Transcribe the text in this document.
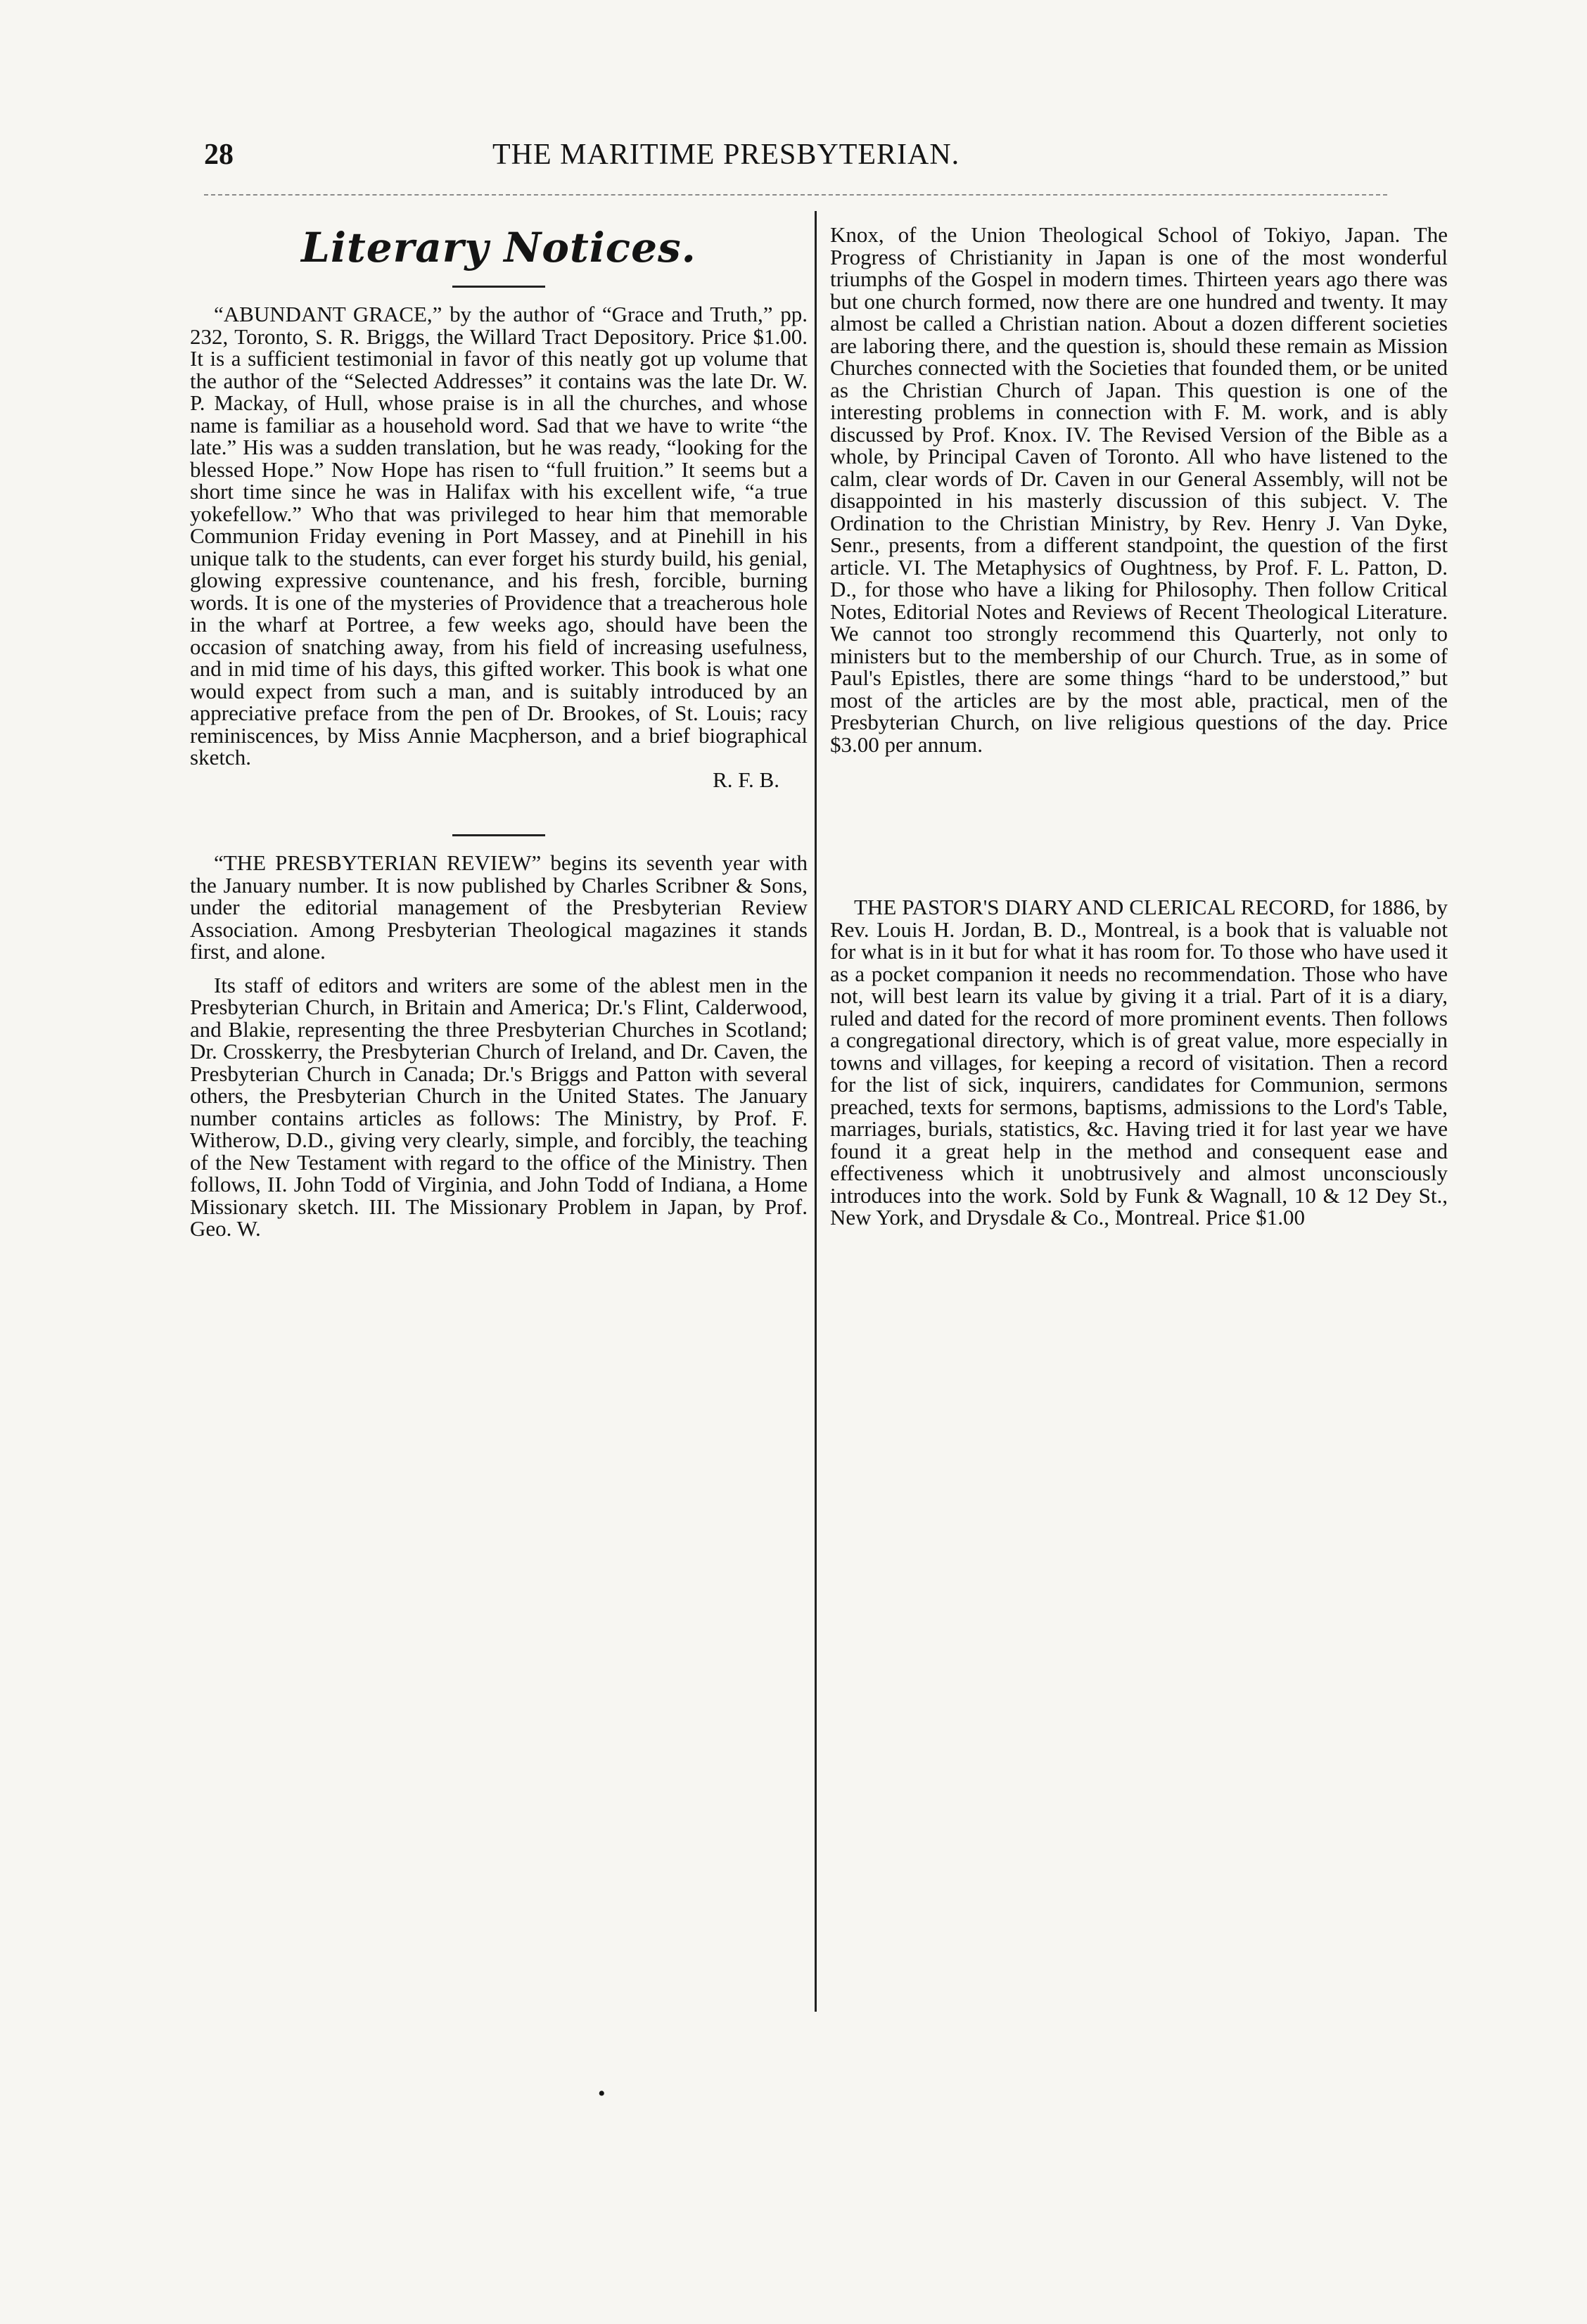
28	THE MARITIME PRESBYTERIAN.
Literary Notices.

“ABUNDANT GRACE,” by the author of “Grace and Truth,” pp. 232, Toronto, S. R. Briggs, the Willard Tract Depository. Price $1.00. It is a sufficient testimonial in favor of this neatly got up volume that the author of the “Selected Addresses” it contains was the late Dr. W. P. Mackay, of Hull, whose praise is in all the churches, and whose name is familiar as a household word. Sad that we have to write “the late.” His was a sudden translation, but he was ready, “looking for the blessed Hope.” Now Hope has risen to “full fruition.” It seems but a short time since he was in Halifax with his excellent wife, “a true yokefellow.” Who that was privileged to hear him that memorable Communion Friday evening in Port Massey, and at Pinehill in his unique talk to the students, can ever forget his sturdy build, his genial, glowing expressive countenance, and his fresh, forcible, burning words. It is one of the mysteries of Providence that a treacherous hole in the wharf at Portree, a few weeks ago, should have been the occasion of snatching away, from his field of increasing usefulness, and in mid time of his days, this gifted worker. This book is what one would expect from such a man, and is suitably introduced by an appreciative preface from the pen of Dr. Brookes, of St. Louis; racy reminiscences, by Miss Annie Macpherson, and a brief biographical sketch.

R. F. B.

“THE PRESBYTERIAN REVIEW” begins its seventh year with the January number. It is now published by Charles Scribner & Sons, under the editorial management of the Presbyterian Review Association. Among Presbyterian Theological magazines it stands first, and alone.

Its staff of editors and writers are some of the ablest men in the Presbyterian Church, in Britain and America; Dr.'s Flint, Calderwood, and Blakie, representing the three Presbyterian Churches in Scotland; Dr. Crosskerry, the Presbyterian Church of Ireland, and Dr. Caven, the Presbyterian Church in Canada; Dr.'s Briggs and Patton with several others, the Presbyterian Church in the United States. The January number contains articles as follows: The Ministry, by Prof. F. Witherow, D.D., giving very clearly, simple, and forcibly, the teaching of the New Testament with regard to the office of the Ministry. Then follows, II. John Todd of Virginia, and John Todd of Indiana, a Home Missionary sketch. III. The Missionary Problem in Japan, by Prof. Geo. W.

Knox, of the Union Theological School of Tokiyo, Japan. The Progress of Christianity in Japan is one of the most wonderful triumphs of the Gospel in modern times. Thirteen years ago there was but one church formed, now there are one hundred and twenty. It may almost be called a Christian nation. About a dozen different societies are laboring there, and the question is, should these remain as Mission Churches connected with the Societies that founded them, or be united as the Christian Church of Japan. This question is one of the interesting problems in connection with F. M. work, and is ably discussed by Prof. Knox. IV. The Revised Version of the Bible as a whole, by Principal Caven of Toronto. All who have listened to the calm, clear words of Dr. Caven in our General Assembly, will not be disappointed in his masterly discussion of this subject. V. The Ordination to the Christian Ministry, by Rev. Henry J. Van Dyke, Senr., presents, from a different standpoint, the question of the first article. VI. The Metaphysics of Oughtness, by Prof. F. L. Patton, D. D., for those who have a liking for Philosophy. Then follow Critical Notes, Editorial Notes and Reviews of Recent Theological Literature. We cannot too strongly recommend this Quarterly, not only to ministers but to the membership of our Church. True, as in some of Paul's Epistles, there are some things “hard to be understood,” but most of the articles are by the most able, practical, men of the Presbyterian Church, on live religious questions of the day. Price $3.00 per annum.

THE PASTOR'S DIARY AND CLERICAL RECORD, for 1886, by Rev. Louis H. Jordan, B. D., Montreal, is a book that is valuable not for what is in it but for what it has room for. To those who have used it as a pocket companion it needs no recommendation. Those who have not, will best learn its value by giving it a trial. Part of it is a diary, ruled and dated for the record of more prominent events. Then follows a congregational directory, which is of great value, more especially in towns and villages, for keeping a record of visitation. Then a record for the list of sick, inquirers, candidates for Communion, sermons preached, texts for sermons, baptisms, admissions to the Lord's Table, marriages, burials, statistics, &c. Having tried it for last year we have found it a great help in the method and consequent ease and effectiveness which it unobtrusively and almost unconsciously introduces into the work. Sold by Funk & Wagnall, 10 & 12 Dey St., New York, and Drysdale & Co., Montreal. Price $1.00

•
